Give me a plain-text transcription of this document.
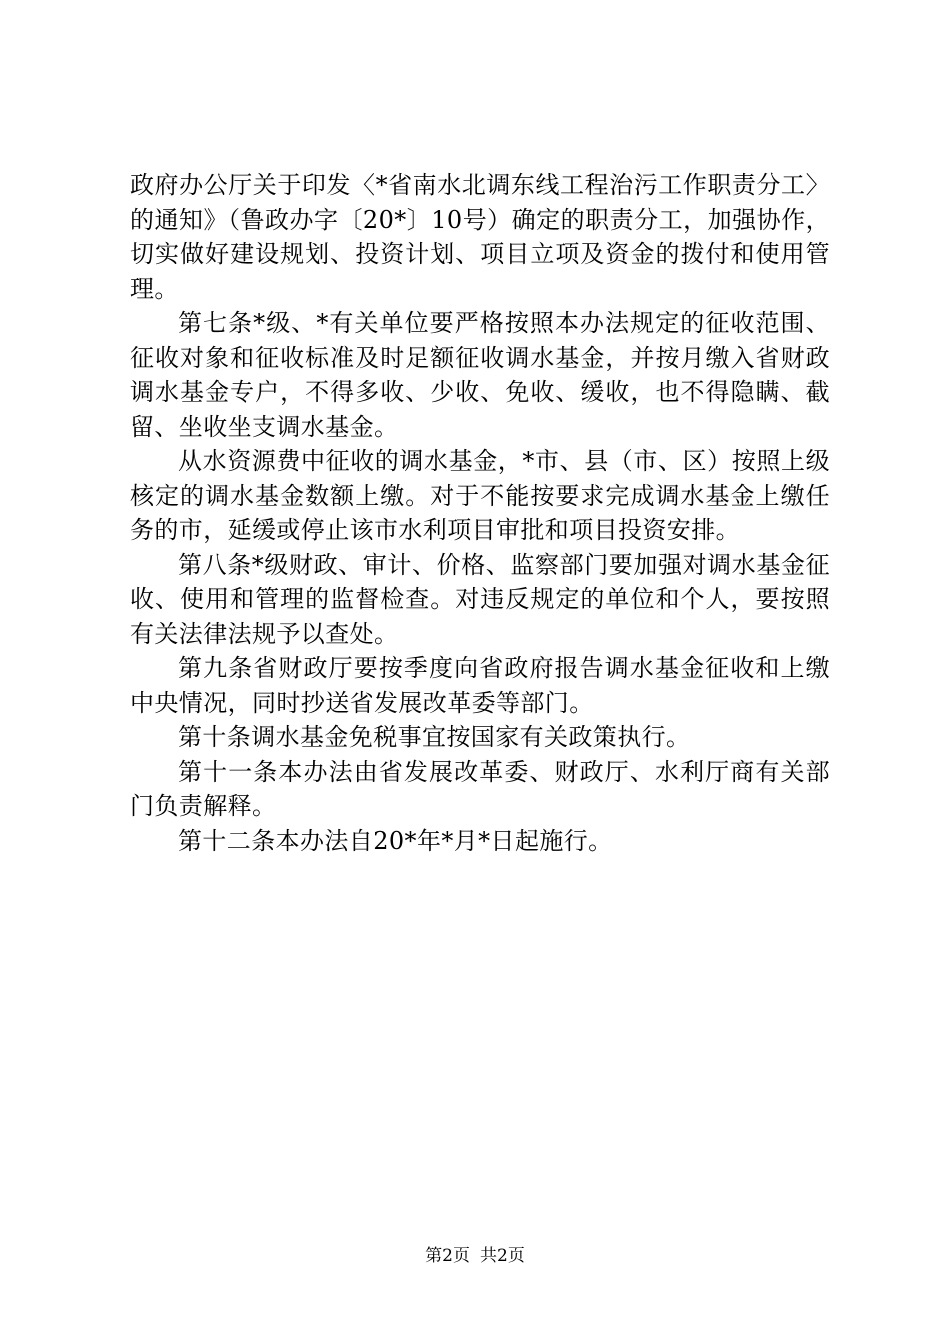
政府办公厅关于印发〈*省南水北调东线工程治污工作职责分工〉的通知》（鲁政办字〔20*〕10号）确定的职责分工，加强协作，切实做好建设规划、投资计划、项目立项及资金的拨付和使用管理。

第七条*级、*有关单位要严格按照本办法规定的征收范围、征收对象和征收标准及时足额征收调水基金，并按月缴入省财政调水基金专户，不得多收、少收、免收、缓收，也不得隐瞒、截留、坐收坐支调水基金。

从水资源费中征收的调水基金，*市、县（市、区）按照上级核定的调水基金数额上缴。对于不能按要求完成调水基金上缴任务的市，延缓或停止该市水利项目审批和项目投资安排。

第八条*级财政、审计、价格、监察部门要加强对调水基金征收、使用和管理的监督检查。对违反规定的单位和个人，要按照有关法律法规予以查处。

第九条省财政厅要按季度向省政府报告调水基金征收和上缴中央情况，同时抄送省发展改革委等部门。

第十条调水基金免税事宜按国家有关政策执行。

第十一条本办法由省发展改革委、财政厅、水利厅商有关部门负责解释。

第十二条本办法自20*年*月*日起施行。

第2页 共2页
